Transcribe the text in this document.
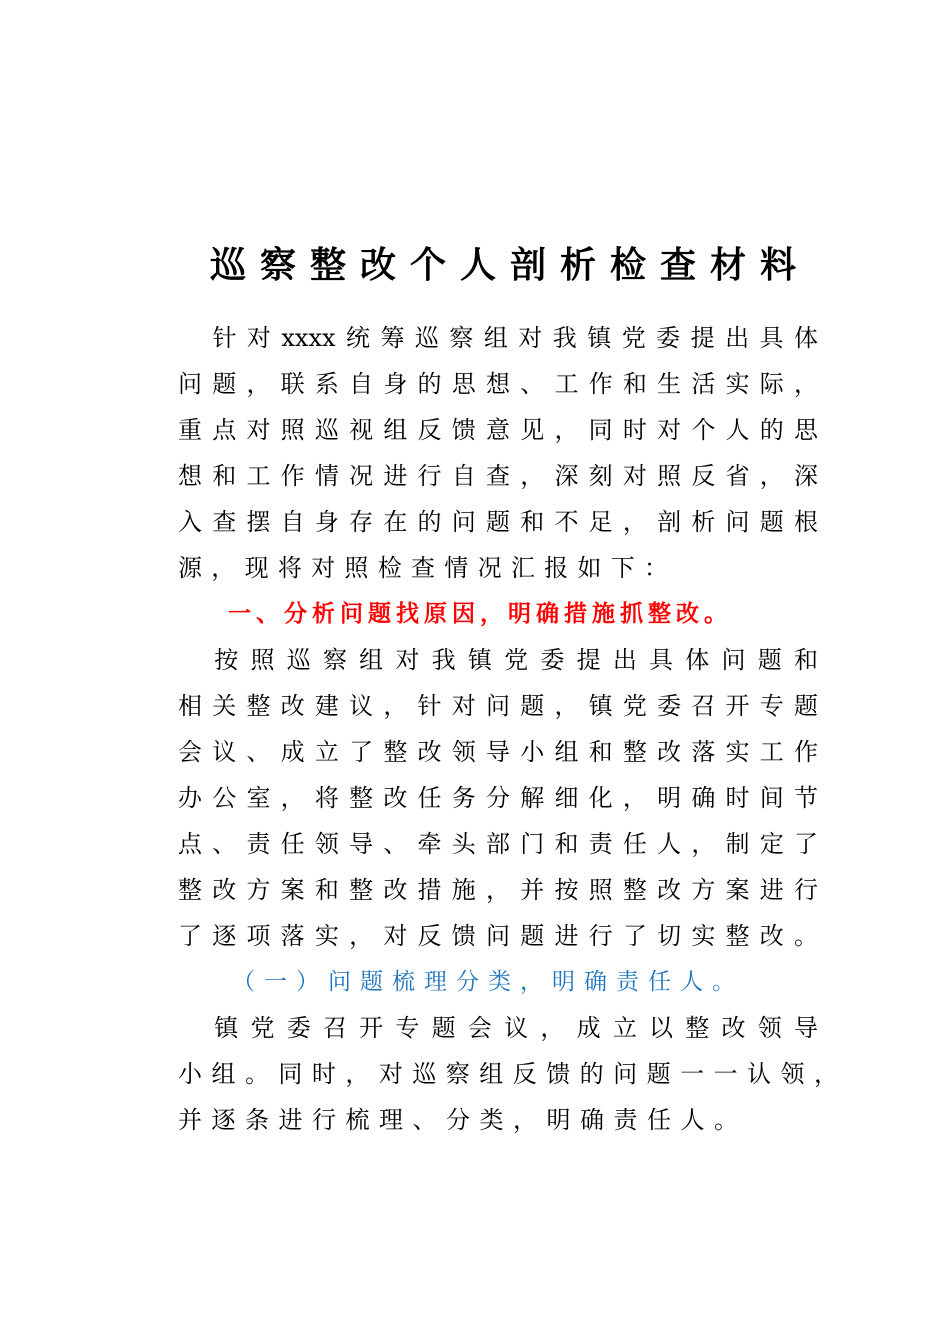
巡察整改个人剖析检查材料
　针对xxxx统筹巡察组对我镇党委提出具体
问题，联系自身的思想、工作和生活实际，
重点对照巡视组反馈意见，同时对个人的思
想和工作情况进行自查，深刻对照反省，深
入查摆自身存在的问题和不足，剖析问题根
源，现将对照检查情况汇报如下：
一、分析问题找原因，明确措施抓整改。
　按照巡察组对我镇党委提出具体问题和
相关整改建议，针对问题，镇党委召开专题
会议、成立了整改领导小组和整改落实工作
办公室，将整改任务分解细化，明确时间节
点、责任领导、牵头部门和责任人，制定了
整改方案和整改措施，并按照整改方案进行
了逐项落实，对反馈问题进行了切实整改。
（一）问题梳理分类，明确责任人。
　镇党委召开专题会议，成立以整改领导
小组。同时，对巡察组反馈的问题一一认领，
并逐条进行梳理、分类，明确责任人。
